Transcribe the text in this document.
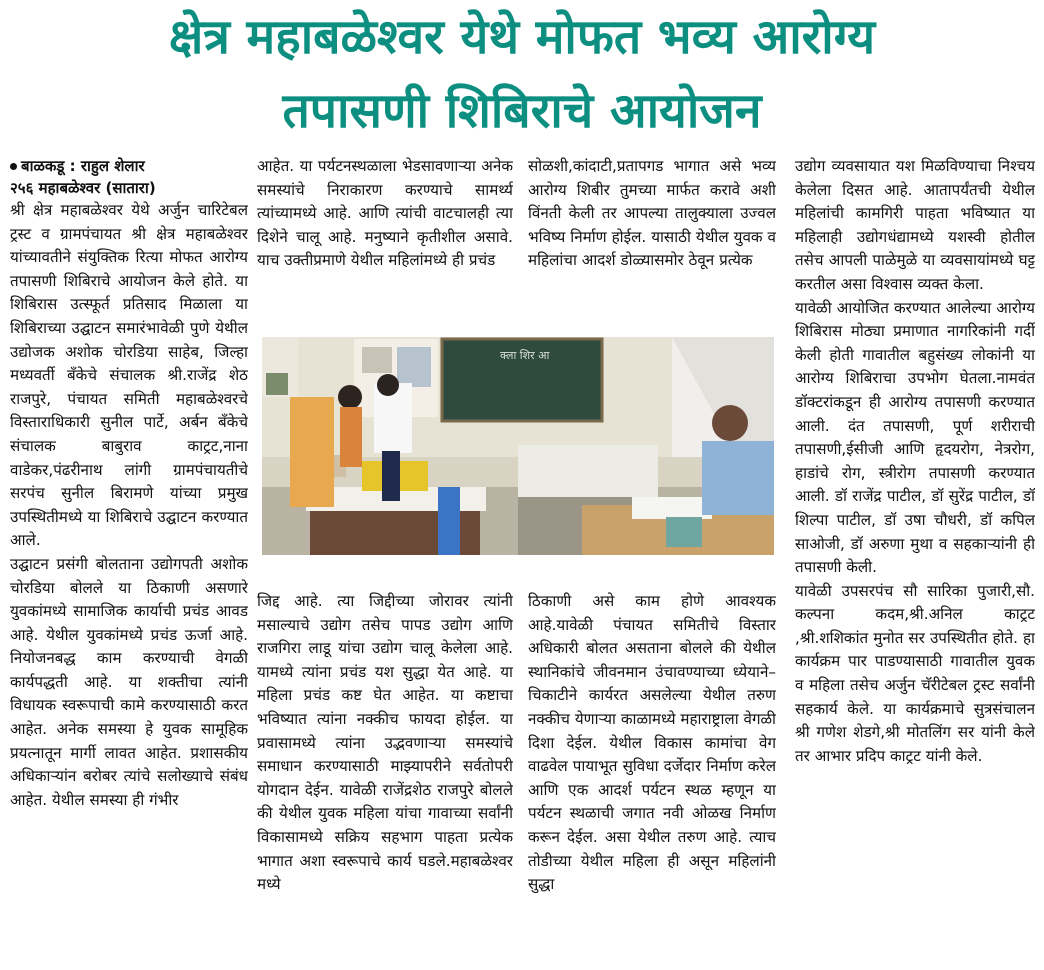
क्षेत्र महाबळेश्वर येथे मोफत भव्य आरोग्य
तपासणी शिबिराचे आयोजन
बाळकडू : राहुल शेलार
२५६ महाबळेश्वर (सातारा)

श्री क्षेत्र महाबळेश्वर येथे अर्जुन चारिटेबल ट्रस्ट व ग्रामपंचायत श्री क्षेत्र महाबळेश्वर यांच्यावतीने संयुक्तिक रित्या मोफत आरोग्य तपासणी शिबिराचे आयोजन केले होते. या शिबिरास उत्स्फूर्त प्रतिसाद मिळाला या शिबिराच्या उद्घाटन समारंभावेळी पुणे येथील उद्योजक अशोक चोरडिया साहेब, जिल्हा मध्यवर्ती बँकेचे संचालक श्री.राजेंद्र शेठ राजपुरे, पंचायत समिती महाबळेश्वरचे विस्ताराधिकारी सुनील पार्टे, अर्बन बँकेचे संचालक बाबुराव काट्रट,नाना वाडेकर,पंढरीनाथ लांगी ग्रामपंचायतीचे सरपंच सुनील बिरामणे यांच्या प्रमुख उपस्थितीमध्ये या शिबिराचे उद्घाटन करण्यात आले.

उद्घाटन प्रसंगी बोलताना उद्योगपती अशोक चोरडिया बोलले या ठिकाणी असणारे युवकांमध्ये सामाजिक कार्याची प्रचंड आवड आहे. येथील युवकांमध्ये प्रचंड ऊर्जा आहे. नियोजनबद्ध काम करण्याची वेगळी कार्यपद्धती आहे. या शक्तीचा त्यांनी विधायक स्वरूपाची कामे करण्यासाठी करत आहेत. अनेक समस्या हे युवक सामूहिक प्रयत्नातून मार्गी लावत आहेत. प्रशासकीय अधिकाऱ्यांन बरोबर त्यांचे सलोख्याचे संबंध आहेत. येथील समस्या ही गंभीर

आहेत. या पर्यटनस्थळाला भेडसावणाऱ्या अनेक समस्यांचे निराकारण करण्याचे सामर्थ्य त्यांच्यामध्ये आहे. आणि त्यांची वाटचालही त्या दिशेने चालू आहे. मनुष्याने कृतीशील असावे. याच उक्तीप्रमाणे येथील महिलांमध्ये ही प्रचंड

सोळशी,कांदाटी,प्रतापगड भागात असे भव्य आरोग्य शिबीर तुमच्या मार्फत करावे अशी विंनती केली तर आपल्या तालुक्याला उज्वल भविष्य निर्माण होईल. यासाठी येथील युवक व महिलांचा आदर्श डोळ्यासमोर ठेवून प्रत्येक

क्ला शिर आ

जिद्द आहे. त्या जिद्दीच्या जोरावर त्यांनी मसाल्याचे उद्योग तसेच पापड उद्योग आणि राजगिरा लाडू यांचा उद्योग चालू केलेला आहे. यामध्ये त्यांना प्रचंड यश सुद्धा येत आहे. या महिला प्रचंड कष्ट घेत आहेत. या कष्टाचा भविष्यात त्यांना नक्कीच फायदा होईल. या प्रवासामध्ये त्यांना उद्भवणाऱ्या समस्यांचे समाधान करण्यासाठी माझ्यापरीने सर्वतोपरी योगदान देईन. यावेळी राजेंद्रशेठ राजपुरे बोलले की येथील युवक महिला यांचा गावाच्या सर्वांनी विकासामध्ये सक्रिय सहभाग पाहता प्रत्येक भागात अशा स्वरूपाचे कार्य घडले.महाबळेश्वर मध्ये

ठिकाणी असे काम होणे आवश्यक आहे.यावेळी पंचायत समितीचे विस्तार अधिकारी बोलत असताना बोलले की येथील स्थानिकांचे जीवनमान उंचावण्याच्या ध्येयाने–चिकाटीने कार्यरत असलेल्या येथील तरुण नक्कीच येणाऱ्या काळामध्ये महाराष्ट्राला वेगळी दिशा देईल. येथील विकास कामांचा वेग वाढवेल पायाभूत सुविधा दर्जेदार निर्माण करेल आणि एक आदर्श पर्यटन स्थळ म्हणून या पर्यटन स्थळाची जगात नवी ओळख निर्माण करून देईल. असा येथील तरुण आहे. त्याच तोडीच्या येथील महिला ही असून महिलांनी सुद्धा

उद्योग व्यवसायात यश मिळविण्याचा निश्चय केलेला दिसत आहे. आतापर्यंतची येथील महिलांची कामगिरी पाहता भविष्यात या महिलाही उद्योगधंद्यामध्ये यशस्वी होतील तसेच आपली पाळेमुळे या व्यवसायांमध्ये घट्ट करतील असा विश्वास व्यक्त केला.

यावेळी आयोजित करण्यात आलेल्या आरोग्य शिबिरास मोठ्या प्रमाणात नागरिकांनी गर्दी केली होती गावातील बहुसंख्य लोकांनी या आरोग्य शिबिराचा उपभोग घेतला.नामवंत डॉक्टरांकडून ही आरोग्य तपासणी करण्यात आली. दंत तपासणी, पूर्ण शरीराची तपासणी,ईसीजी आणि हृदयरोग, नेत्ररोग, हाडांचे रोग, स्त्रीरोग तपासणी करण्यात आली. डॉ राजेंद्र पाटील, डॉ सुरेंद्र पाटील, डॉ शिल्पा पाटील, डॉ उषा चौधरी, डॉ कपिल साओजी, डॉ अरुणा मुथा व सहकाऱ्यांनी ही तपासणी केली.

यावेळी उपसरपंच सौ सारिका पुजारी,सौ. कल्पना कदम,श्री.अनिल काट्रट ,श्री.शशिकांत मुनोत सर उपस्थितीत होते. हा कार्यक्रम पार पाडण्यासाठी गावातील युवक व महिला तसेच अर्जुन चॅरीटेबल ट्रस्ट सर्वांनी सहकार्य केले. या कार्यक्रमाचे सुत्रसंचालन श्री गणेश शेडगे,श्री मोतलिंग सर यांनी केले तर आभार प्रदिप काट्रट यांनी केले.
